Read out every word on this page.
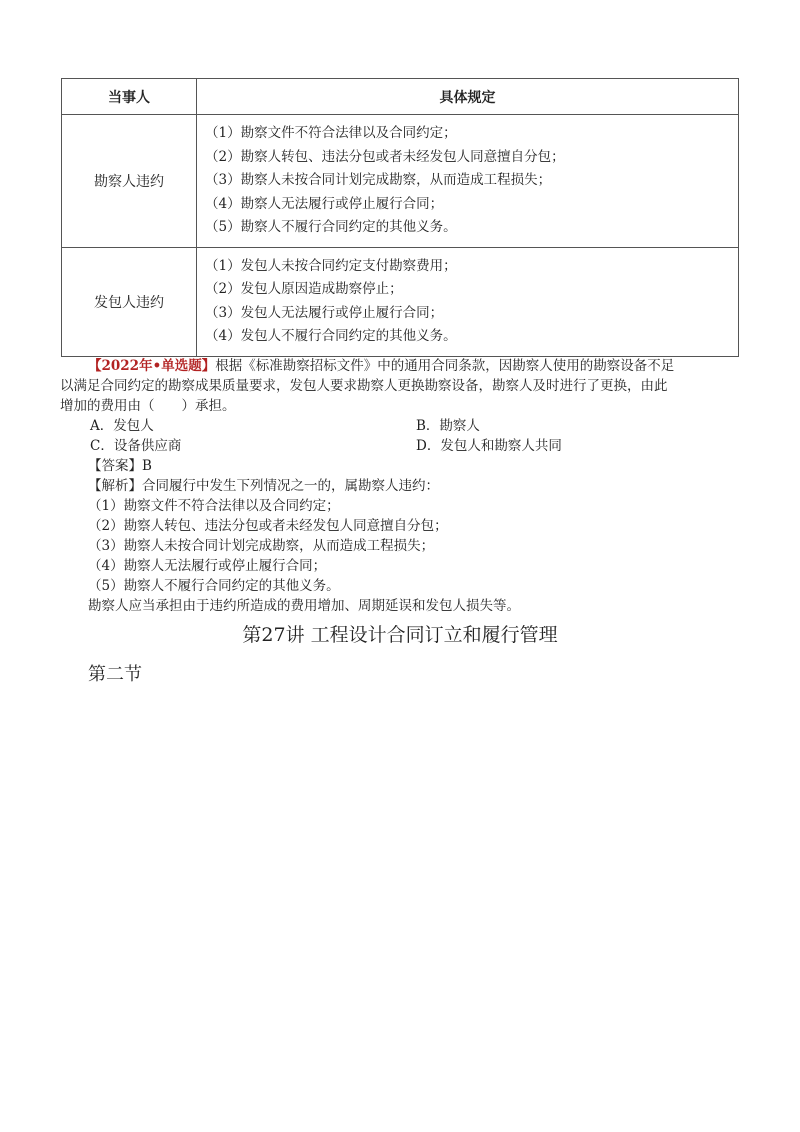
当事人	具体规定
勘察人违约	（1）勘察文件不符合法律以及合同约定；
（2）勘察人转包、违法分包或者未经发包人同意擅自分包；
（3）勘察人未按合同计划完成勘察，从而造成工程损失；
（4）勘察人无法履行或停止履行合同；
（5）勘察人不履行合同约定的其他义务。

发包人违约	（1）发包人未按合同约定支付勘察费用；
（2）发包人原因造成勘察停止；
（3）发包人无法履行或停止履行合同；
（4）发包人不履行合同约定的其他义务。

【2022年•单选题】根据《标准勘察招标文件》中的通用合同条款，因勘察人使用的勘察设备不足

以满足合同约定的勘察成果质量要求，发包人要求勘察人更换勘察设备，勘察人及时进行了更换，由此

增加的费用由（　　）承担。

A．发包人	B．勘察人

C．设备供应商	D．发包人和勘察人共同

【答案】B

【解析】合同履行中发生下列情况之一的，属勘察人违约：

（1）勘察文件不符合法律以及合同约定；

（2）勘察人转包、违法分包或者未经发包人同意擅自分包；

（3）勘察人未按合同计划完成勘察，从而造成工程损失；

（4）勘察人无法履行或停止履行合同；

（5）勘察人不履行合同约定的其他义务。

勘察人应当承担由于违约所造成的费用增加、周期延误和发包人损失等。

第27讲 工程设计合同订立和履行管理

第二节
